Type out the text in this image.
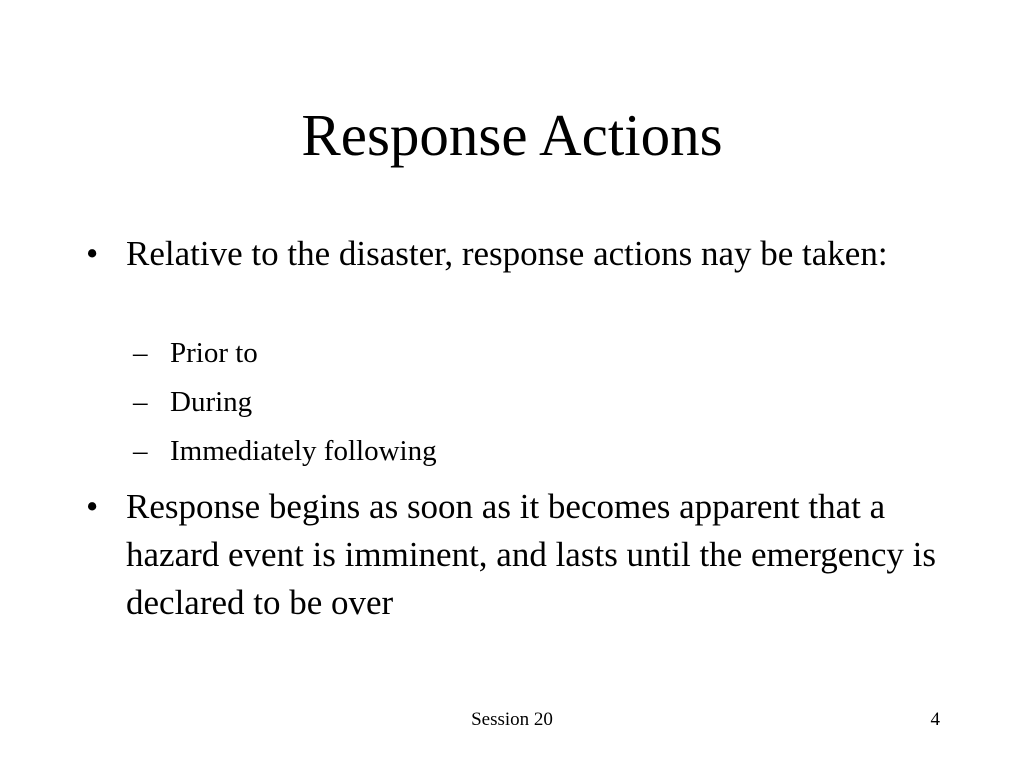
Response Actions
• Relative to the disaster, response actions nay be taken:
– Prior to
– During
– Immediately following
• Response begins as soon as it becomes apparent that a hazard event is imminent, and lasts until the emergency is declared to be over
Session 20	4
